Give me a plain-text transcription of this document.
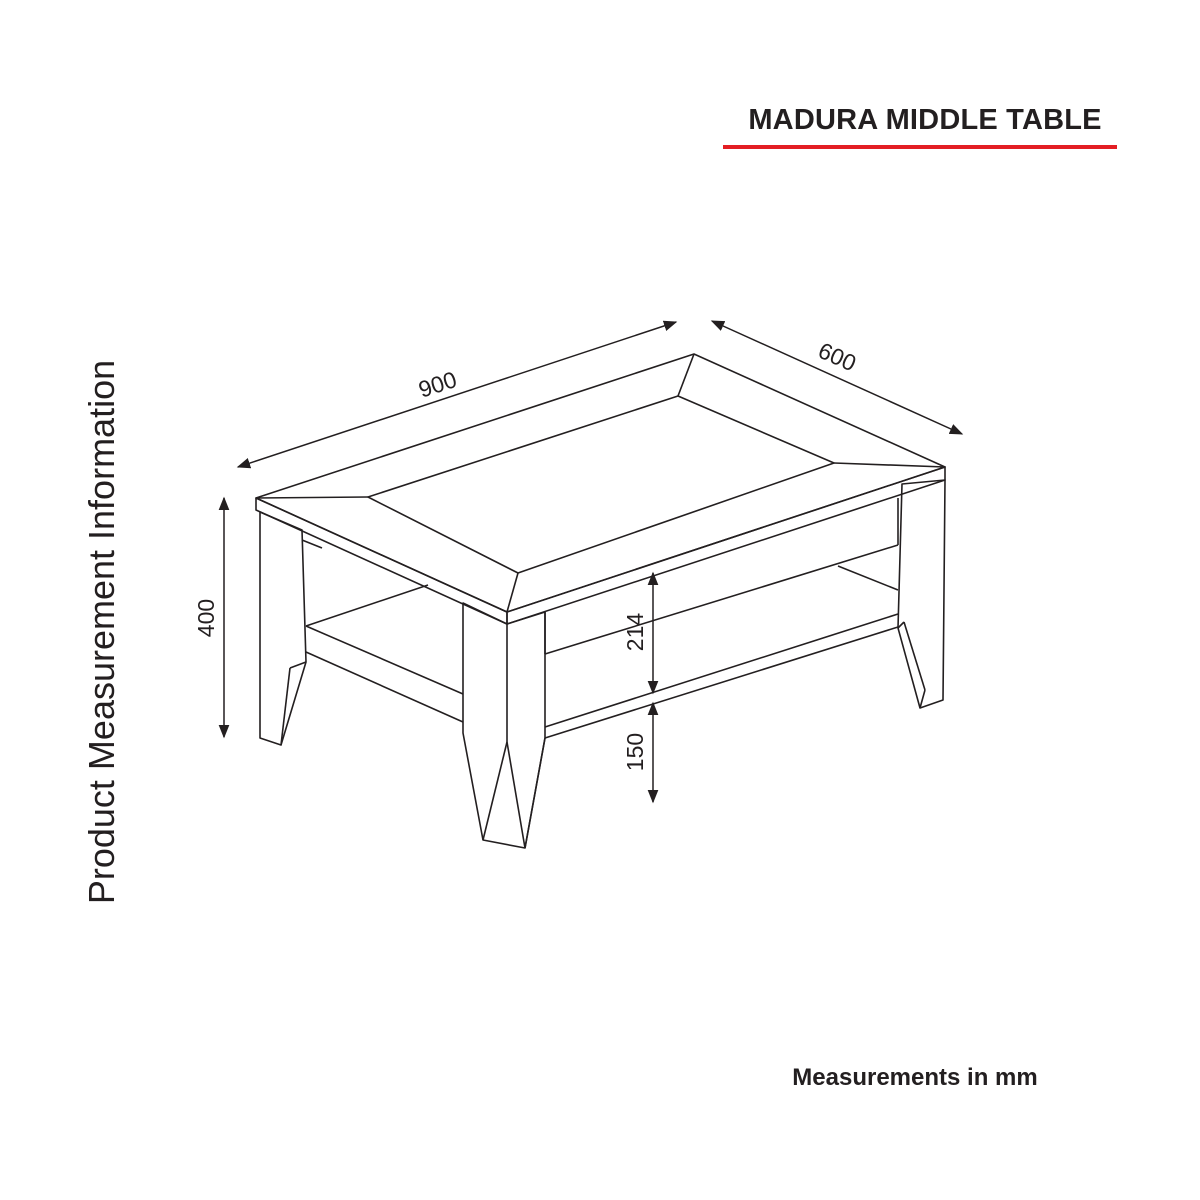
MADURA MIDDLE TABLE
Product Measurement Information	900
600
400	214
150
Measurements in mm
